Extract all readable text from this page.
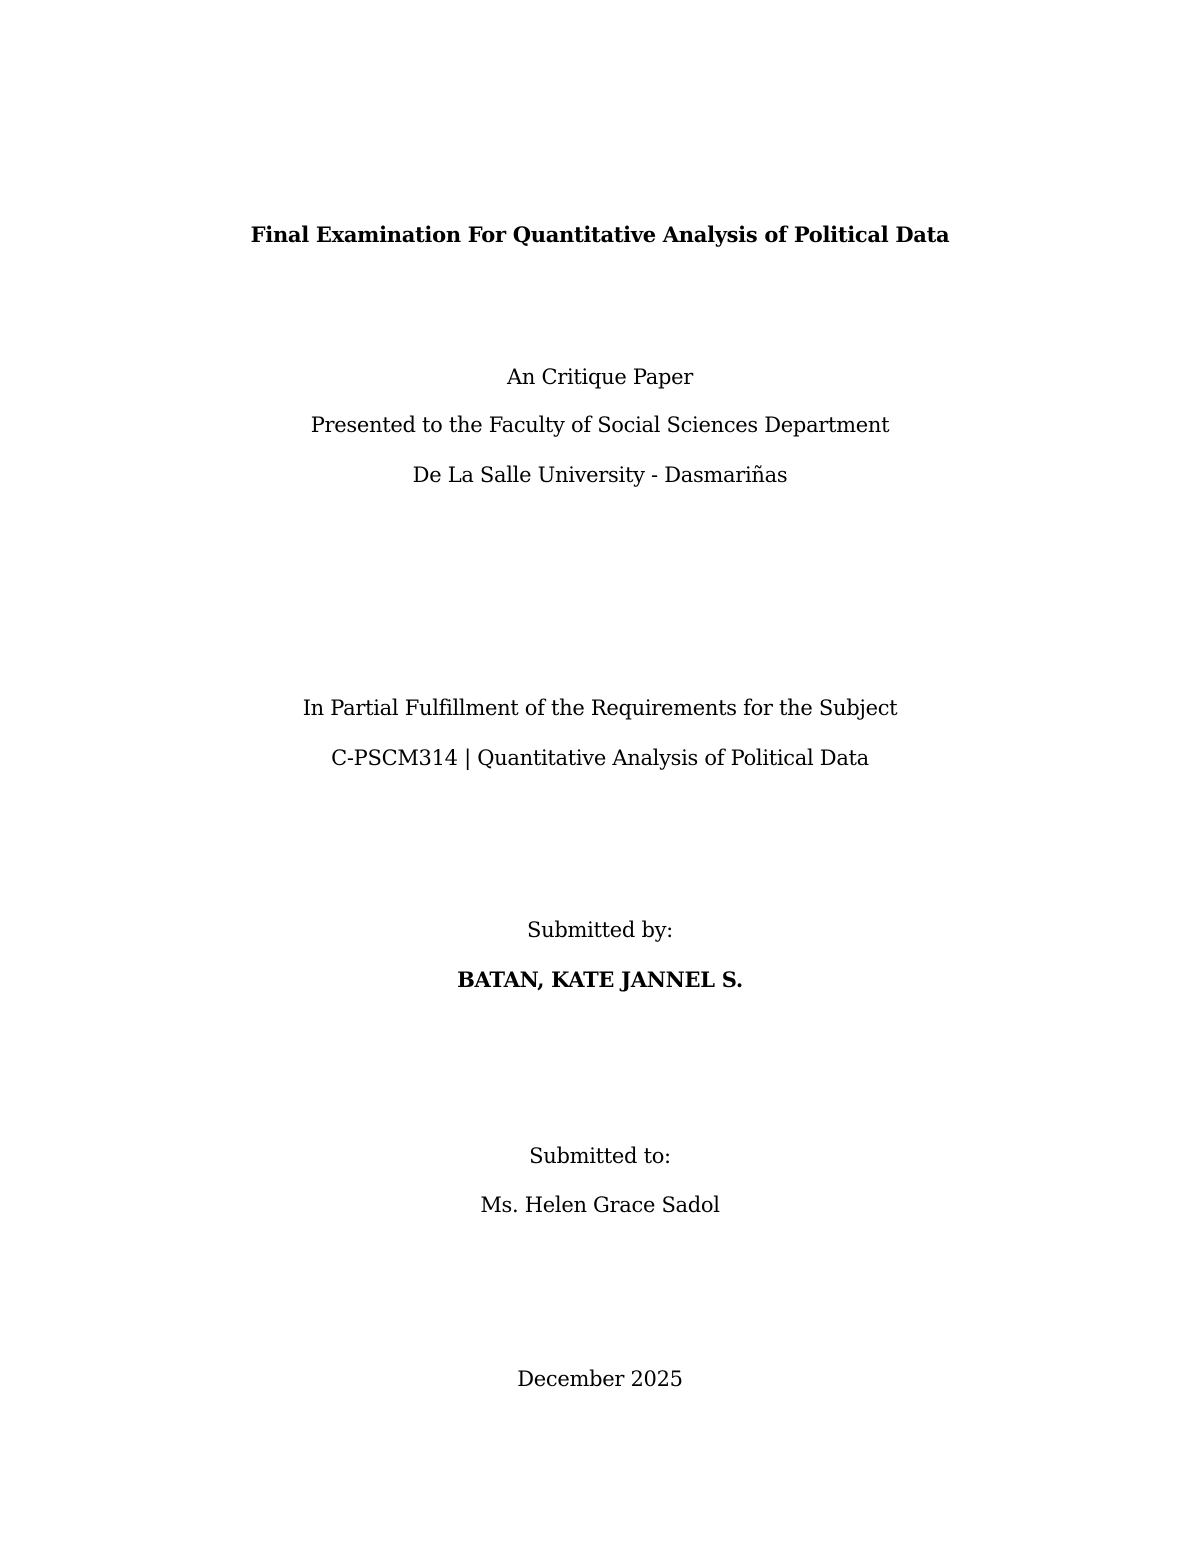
Final Examination For Quantitative Analysis of Political Data
An Critique Paper
Presented to the Faculty of Social Sciences Department
De La Salle University - Dasmariñas
In Partial Fulfillment of the Requirements for the Subject
C-PSCM314 | Quantitative Analysis of Political Data
Submitted by:
BATAN, KATE JANNEL S.
Submitted to:
Ms. Helen Grace Sadol
December 2025
